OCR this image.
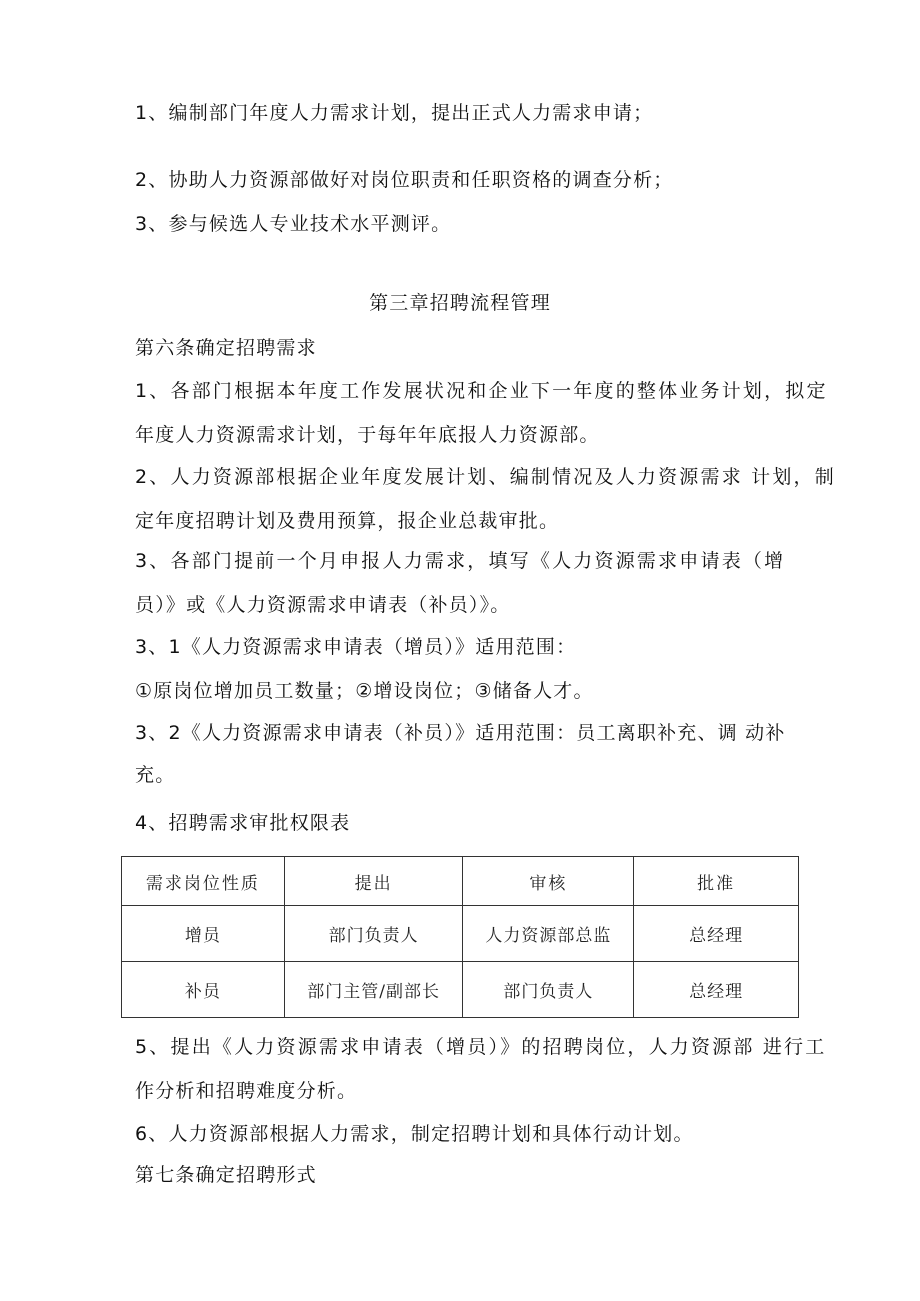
1、编制部门年度人力需求计划，提出正式人力需求申请；
2、协助人力资源部做好对岗位职责和任职资格的调查分析；
3、参与候选人专业技术水平测评。
第三章招聘流程管理
第六条确定招聘需求
1、各部门根据本年度工作发展状况和企业下一年度的整体业务计划，拟定
年度人力资源需求计划，于每年年底报人力资源部。
2、人力资源部根据企业年度发展计划、编制情况及人力资源需求 计划，制
定年度招聘计划及费用预算，报企业总裁审批。
3、各部门提前一个月申报人力需求，填写《人力资源需求申请表（增
员）》或《人力资源需求申请表（补员）》。
3、1《人力资源需求申请表（增员）》适用范围：
①原岗位增加员工数量；②增设岗位；③储备人才。
3、2《人力资源需求申请表（补员）》适用范围：员工离职补充、调 动补
充。
4、招聘需求审批权限表
需求岗位性质	提出	审核	批准
增员	部门负责人	人力资源部总监	总经理
补员	部门主管/副部长	部门负责人	总经理
5、提出《人力资源需求申请表（增员）》的招聘岗位，人力资源部 进行工
作分析和招聘难度分析。
6、人力资源部根据人力需求，制定招聘计划和具体行动计划。
第七条确定招聘形式
